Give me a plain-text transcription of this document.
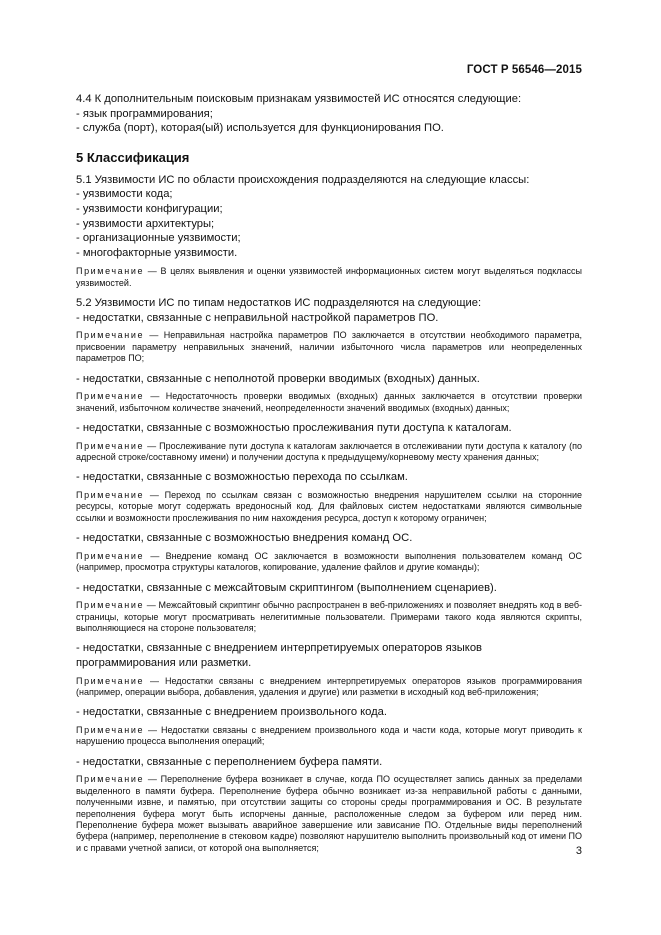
ГОСТ Р 56546—2015

4.4 К дополнительным поисковым признакам уязвимостей ИС относятся следующие:

- язык программирования;

- служба (порт), которая(ый) используется для функционирования ПО.

5 Классификация

5.1 Уязвимости ИС по области происхождения подразделяются на следующие классы:

- уязвимости кода;

- уязвимости конфигурации;

- уязвимости архитектуры;

- организационные уязвимости;

- многофакторные уязвимости.

Примечание — В целях выявления и оценки уязвимостей информационных систем могут выделяться подклассы уязвимостей.

5.2 Уязвимости ИС по типам недостатков ИС подразделяются на следующие:

- недостатки, связанные с неправильной настройкой параметров ПО.

Примечание — Неправильная настройка параметров ПО заключается в отсутствии необходимого параметра, присвоении параметру неправильных значений, наличии избыточного числа параметров или неопределенных параметров ПО;

- недостатки, связанные с неполнотой проверки вводимых (входных) данных.

Примечание — Недостаточность проверки вводимых (входных) данных заключается в отсутствии проверки значений, избыточном количестве значений, неопределенности значений вводимых (входных) данных;

- недостатки, связанные с возможностью прослеживания пути доступа к каталогам.

Примечание — Прослеживание пути доступа к каталогам заключается в отслеживании пути доступа к каталогу (по адресной строке/составному имени) и получении доступа к предыдущему/корневому месту хранения данных;

- недостатки, связанные с возможностью перехода по ссылкам.

Примечание — Переход по ссылкам связан с возможностью внедрения нарушителем ссылки на сторонние ресурсы, которые могут содержать вредоносный код. Для файловых систем недостатками являются символьные ссылки и возможности прослеживания по ним нахождения ресурса, доступ к которому ограничен;

- недостатки, связанные с возможностью внедрения команд ОС.

Примечание — Внедрение команд ОС заключается в возможности выполнения пользователем команд ОС (например, просмотра структуры каталогов, копирование, удаление файлов и другие команды);

- недостатки, связанные с межсайтовым скриптингом (выполнением сценариев).

Примечание — Межсайтовый скриптинг обычно распространен в веб-приложениях и позволяет внедрять код в веб-страницы, которые могут просматривать нелегитимные пользователи. Примерами такого кода являются скрипты, выполняющиеся на стороне пользователя;

- недостатки, связанные с внедрением интерпретируемых операторов языков программирования или разметки.

Примечание — Недостатки связаны с внедрением интерпретируемых операторов языков программирования (например, операции выбора, добавления, удаления и другие) или разметки в исходный код веб-приложения;

- недостатки, связанные с внедрением произвольного кода.

Примечание — Недостатки связаны с внедрением произвольного кода и части кода, которые могут приводить к нарушению процесса выполнения операций;

- недостатки, связанные с переполнением буфера памяти.

Примечание — Переполнение буфера возникает в случае, когда ПО осуществляет запись данных за пределами выделенного в памяти буфера. Переполнение буфера обычно возникает из-за неправильной работы с данными, полученными извне, и памятью, при отсутствии защиты со стороны среды программирования и ОС. В результате переполнения буфера могут быть испорчены данные, расположенные следом за буфером или перед ним. Переполнение буфера может вызывать аварийное завершение или зависание ПО. Отдельные виды переполнений буфера (например, переполнение в стековом кадре) позволяют нарушителю выполнить произвольный код от имени ПО и с правами учетной записи, от которой она выполняется;	3
